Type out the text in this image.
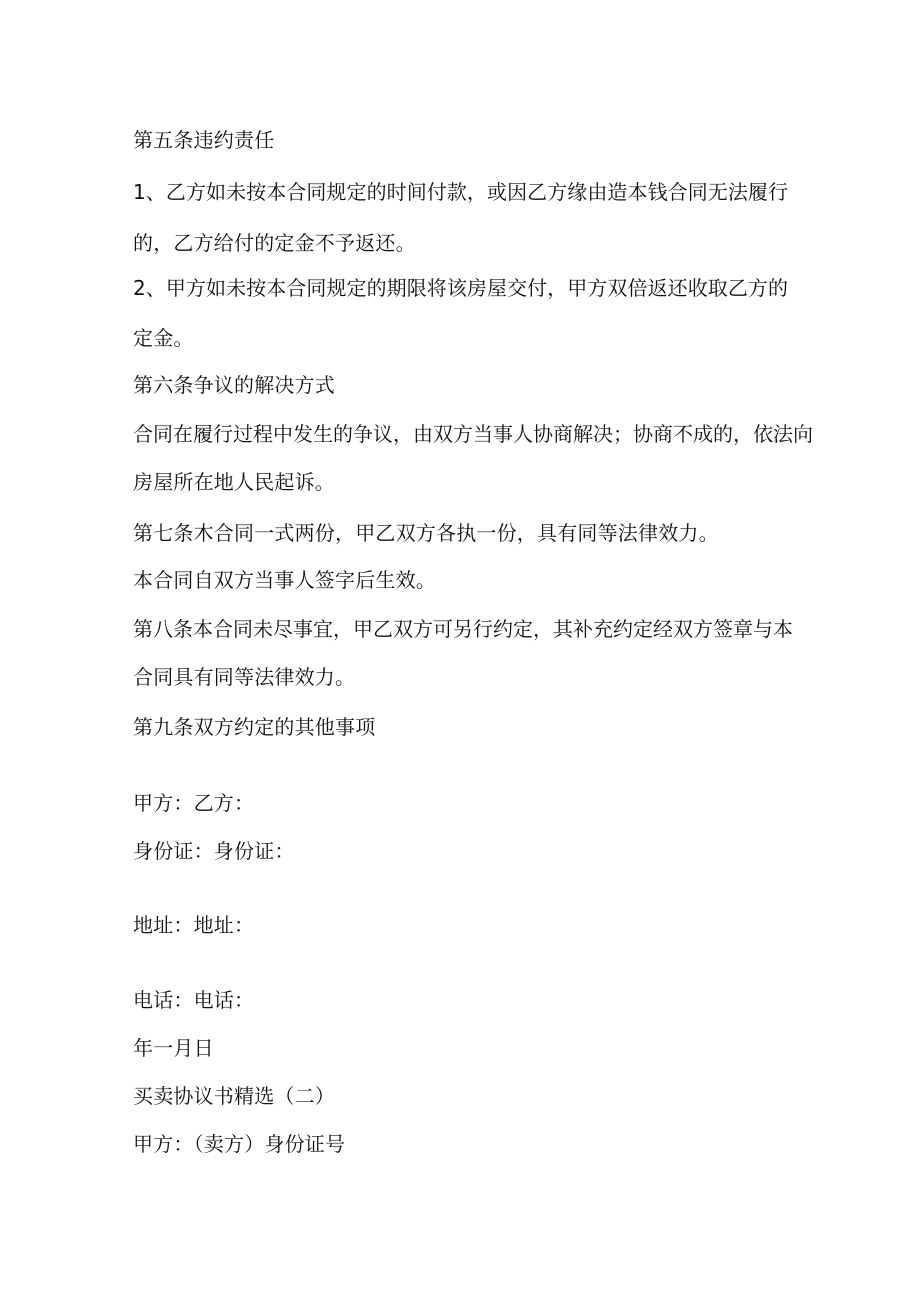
第五条违约责任

1、乙方如未按本合同规定的时间付款，或因乙方缘由造本钱合同无法履行

的，乙方给付的定金不予返还。

2、甲方如未按本合同规定的期限将该房屋交付，甲方双倍返还收取乙方的

定金。

第六条争议的解决方式

合同在履行过程中发生的争议，由双方当事人协商解决；协商不成的，依法向

房屋所在地人民起诉。

第七条木合同一式两份，甲乙双方各执一份，具有同等法律效力。

本合同自双方当事人签字后生效。

第八条本合同未尽事宜，甲乙双方可另行约定，其补充约定经双方签章与本

合同具有同等法律效力。

第九条双方约定的其他事项

甲方：乙方：

身份证：身份证：

地址：地址：

电话：电话：

年一月日

买卖协议书精选（二）

甲方：（卖方）身份证号
